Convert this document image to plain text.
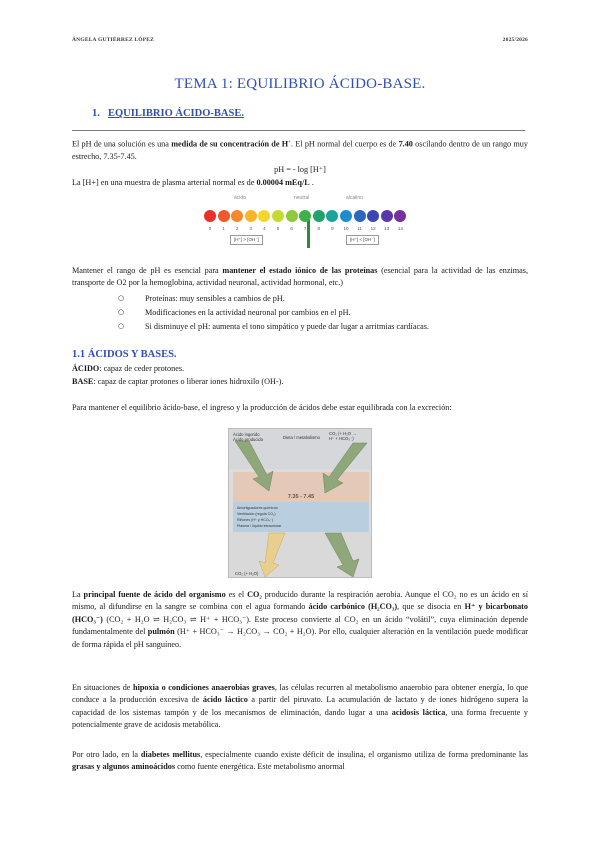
ÁNGELA GUTIÉRREZ LÓPEZ	2025/2026
TEMA 1: EQUILIBRIO ÁCIDO-BASE.
1. EQUILIBRIO ÁCIDO-BASE.

El pH de una solución es una medida de su concentración de H+. El pH normal del cuerpo es de 7.40 oscilando dentro de un rango muy estrecho, 7.35-7.45.

pH = - log [H⁺]

La [H+] en una muestra de plasma arterial normal es de 0.00004 mEq/L .

ácido	neutral	alcalino
[H⁺] > [OH⁻]	[H⁺] < [OH⁻]
0	1	2	3	4	5	6	7	8	9	10	11	12	13	14

Mantener el rango de pH es esencial para mantener el estado iónico de las proteínas (esencial para la actividad de las enzimas, transporte de O2 por la hemoglobina, actividad neuronal, actividad hormonal, etc.)

○	Proteínas: muy sensibles a cambios de pH.
○	Modificaciones en la actividad neuronal por cambios en el pH.
○	Si disminuye el pH: aumenta el tono simpático y puede dar lugar a arritmias cardíacas.
1.1 ÁCIDOS Y BASES.

ÁCIDO: capaz de ceder protones.

BASE: capaz de captar protones o liberar iones hidroxilo (OH-).

Para mantener el equilibrio ácido-base, el ingreso y la producción de ácidos debe estar equilibrada con la excreción:

Ácido ingerido
Ácido producido	Dieta / metabolismo
CO₂ (+ H₂O →
H⁺ + HCO₃⁻)
7.35 - 7.45
Amortiguadores químicos
Ventilación (regula CO₂)
Riñones (H⁺ y HCO₃⁻)
Plasma / líquido intracelular
CO₂ (+ H₂O)

La principal fuente de ácido del organismo es el CO₂ producido durante la respiración aerobia. Aunque el CO₂ no es un ácido en sí mismo, al difundirse en la sangre se combina con el agua formando ácido carbónico (H₂CO₃), que se disocia en H⁺ y bicarbonato (HCO₃⁻) (CO₂ + H₂O ⇌ H₂CO₃ ⇌ H⁺ + HCO₃⁻). Este proceso convierte al CO₂ en un ácido “volátil”, cuya eliminación depende fundamentalmente del pulmón (H⁺ + HCO₃⁻ → H₂CO₃ → CO₂ + H₂O). Por ello, cualquier alteración en la ventilación puede modificar de forma rápida el pH sanguíneo.

En situaciones de hipoxia o condiciones anaerobias graves, las células recurren al metabolismo anaerobio para obtener energía, lo que conduce a la producción excesiva de ácido láctico a partir del piruvato. La acumulación de lactato y de iones hidrógeno supera la capacidad de los sistemas tampón y de los mecanismos de eliminación, dando lugar a una acidosis láctica, una forma frecuente y potencialmente grave de acidosis metabólica.

Por otro lado, en la diabetes mellitus, especialmente cuando existe déficit de insulina, el organismo utiliza de forma predominante las grasas y algunos aminoácidos como fuente energética. Este metabolismo anormal
